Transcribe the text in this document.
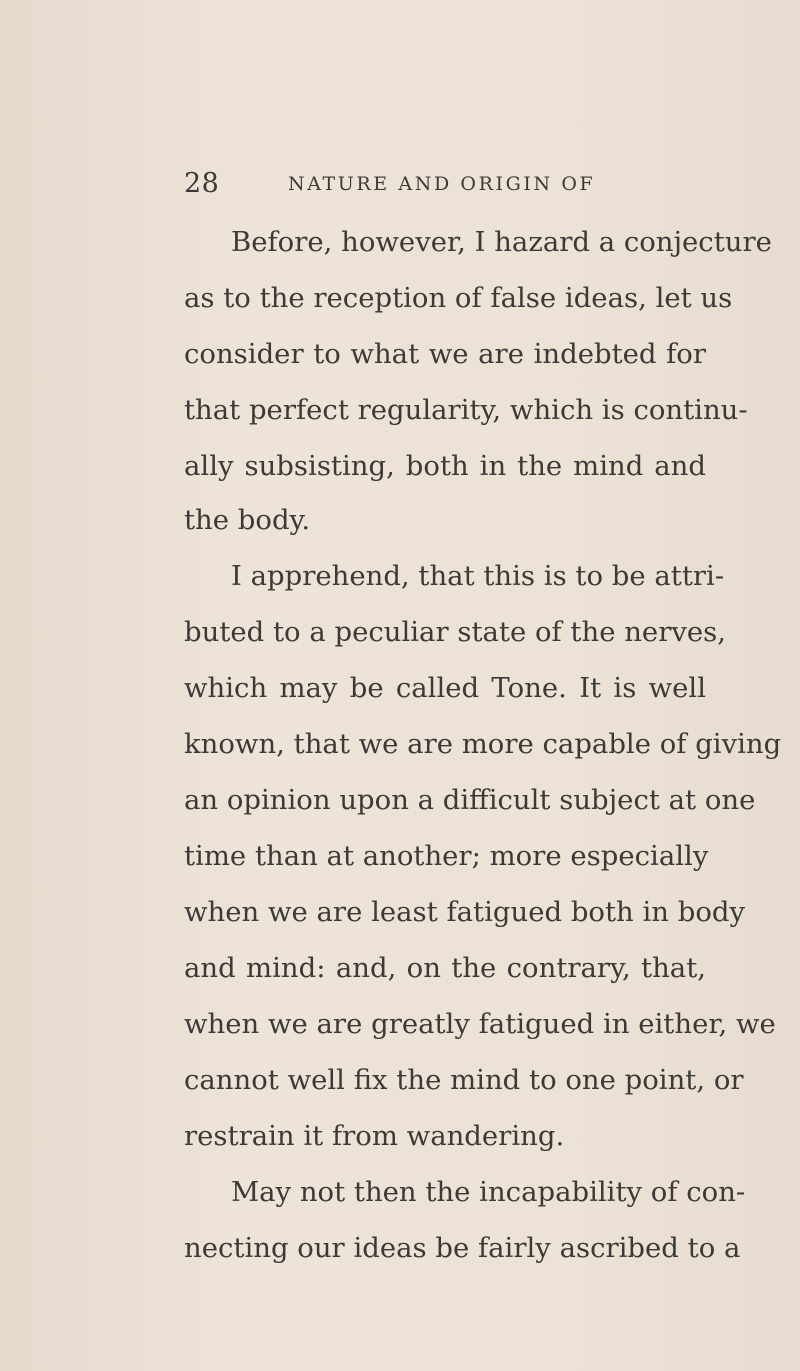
28	NATURE AND ORIGIN OF
Before, however, I hazard a conjecture
as to the reception of false ideas, let us
consider to what we are indebted for
that perfect regularity, which is continu-
ally subsisting, both in the mind and
the body.
I apprehend, that this is to be attri-
buted to a peculiar state of the nerves,
which may be called Tone. It is well
known, that we are more capable of giving
an opinion upon a difficult subject at one
time than at another; more especially
when we are least fatigued both in body
and mind: and, on the contrary, that,
when we are greatly fatigued in either, we
cannot well fix the mind to one point, or
restrain it from wandering.
May not then the incapability of con-
necting our ideas be fairly ascribed to a
